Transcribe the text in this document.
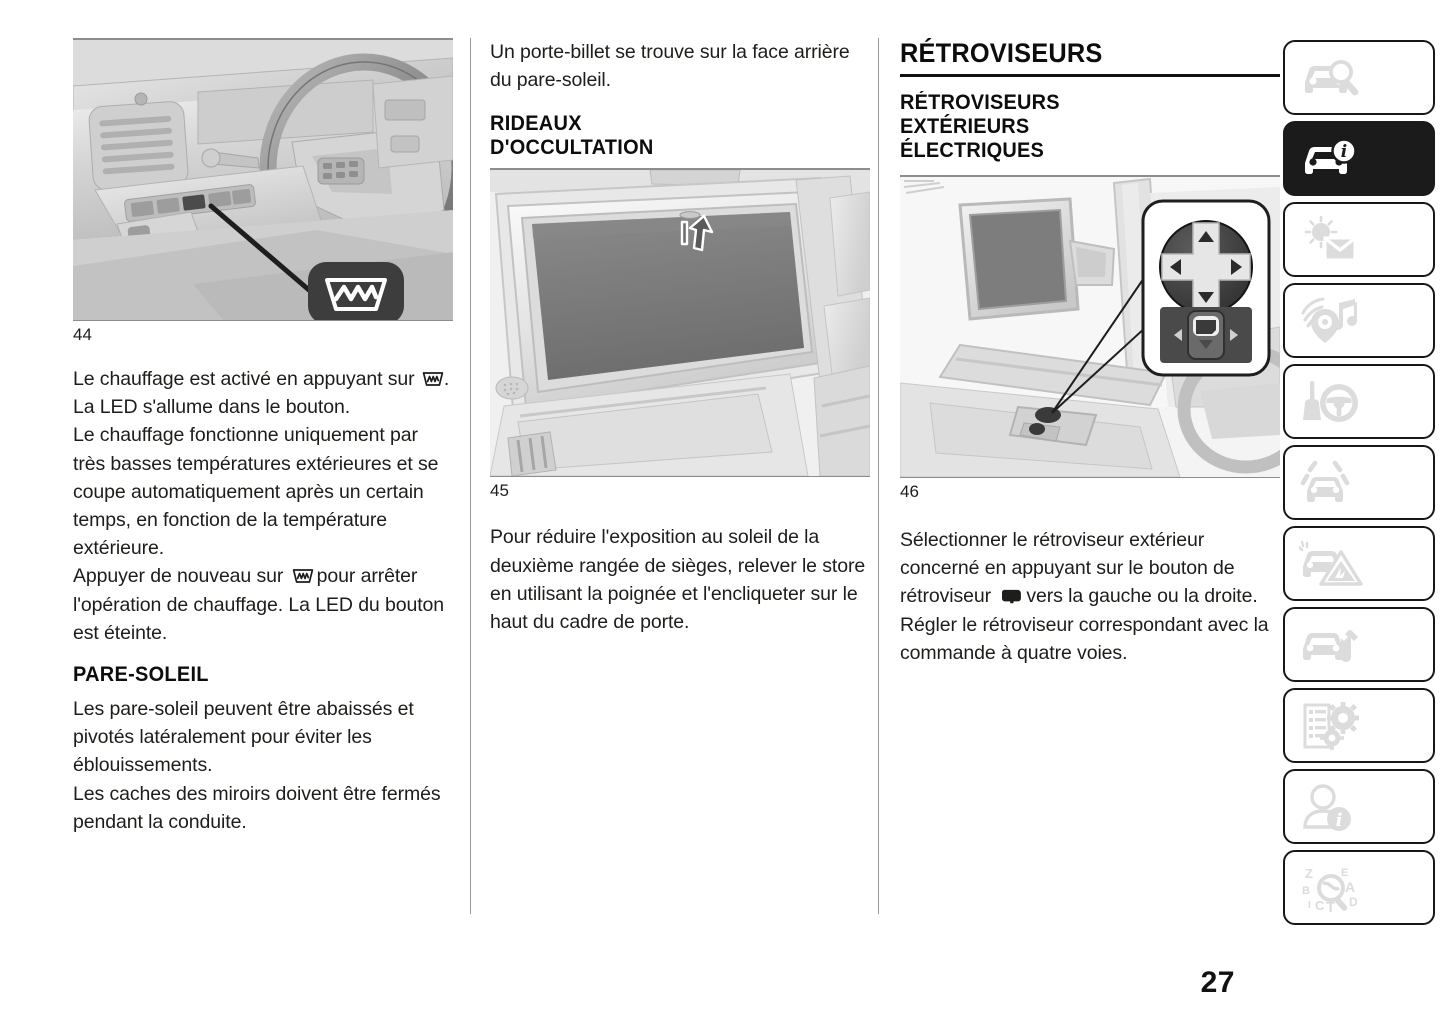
44

Le chauffage est activé en appuyant sur .

La LED s'allume dans le bouton.

Le chauffage fonctionne uniquement par très basses températures extérieures et se coupe automatiquement après un certain temps, en fonction de la température extérieure.

Appuyer de nouveau sur pour arrêter l'opération de chauffage. La LED du bouton est éteinte.

PARE-SOLEIL

Les pare-soleil peuvent être abaissés et pivotés latéralement pour éviter les éblouissements.

Les caches des miroirs doivent être fermés pendant la conduite.

Un porte-billet se trouve sur la face arrière du pare-soleil.

RIDEAUX
D'OCCULTATION
45

Pour réduire l'exposition au soleil de la deuxième rangée de sièges, relever le store en utilisant la poignée et l'encliqueter sur le haut du cadre de porte.

RÉTROVISEURS
RÉTROVISEURS
EXTÉRIEURS
ÉLECTRIQUES
46

Sélectionner le rétroviseur extérieur concerné en appuyant sur le bouton de rétroviseur vers la gauche ou la droite.

Régler le rétroviseur correspondant avec la commande à quatre voies.

i
i
Z
B
I C T
E
A
D
27
